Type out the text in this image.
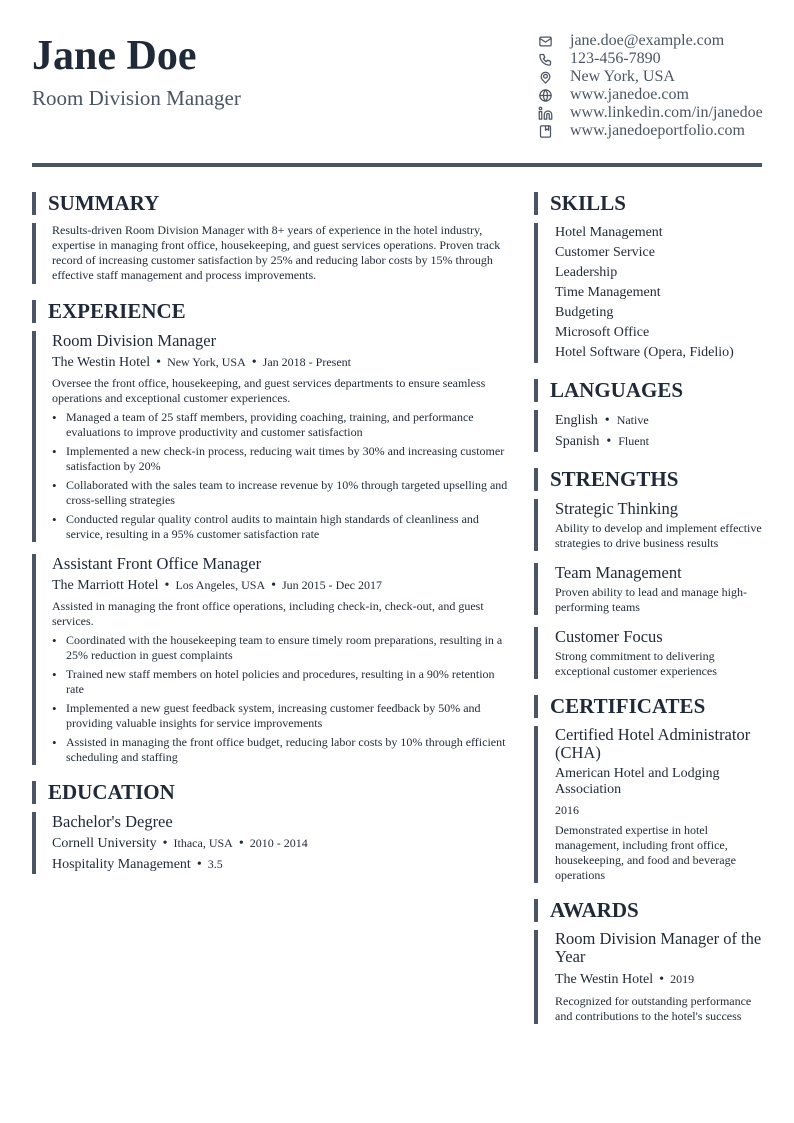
Jane Doe
Room Division Manager
jane.doe@example.com
123-456-7890
New York, USA
www.janedoe.com
www.linkedin.com/in/janedoe
www.janedoeportfolio.com
SUMMARY
Results-driven Room Division Manager with 8+ years of experience in the hotel industry, expertise in managing front office, housekeeping, and guest services operations. Proven track record of increasing customer satisfaction by 25% and reducing labor costs by 15% through effective staff management and process improvements.
EXPERIENCE
Room Division Manager
The Westin Hotel • New York, USA • Jan 2018 - Present
Oversee the front office, housekeeping, and guest services departments to ensure seamless operations and exceptional customer experiences.
• Managed a team of 25 staff members, providing coaching, training, and performance evaluations to improve productivity and customer satisfaction
• Implemented a new check-in process, reducing wait times by 30% and increasing customer satisfaction by 20%
• Collaborated with the sales team to increase revenue by 10% through targeted upselling and cross-selling strategies
• Conducted regular quality control audits to maintain high standards of cleanliness and service, resulting in a 95% customer satisfaction rate
Assistant Front Office Manager
The Marriott Hotel • Los Angeles, USA • Jun 2015 - Dec 2017
Assisted in managing the front office operations, including check-in, check-out, and guest services.
• Coordinated with the housekeeping team to ensure timely room preparations, resulting in a 25% reduction in guest complaints
• Trained new staff members on hotel policies and procedures, resulting in a 90% retention rate
• Implemented a new guest feedback system, increasing customer feedback by 50% and providing valuable insights for service improvements
• Assisted in managing the front office budget, reducing labor costs by 10% through efficient scheduling and staffing
EDUCATION
Bachelor's Degree
Cornell University • Ithaca, USA • 2010 - 2014
Hospitality Management • 3.5
SKILLS
Hotel Management
Customer Service
Leadership
Time Management
Budgeting
Microsoft Office
Hotel Software (Opera, Fidelio)
LANGUAGES
English • Native
Spanish • Fluent
STRENGTHS
Strategic Thinking
Ability to develop and implement effective strategies to drive business results
Team Management
Proven ability to lead and manage high-performing teams
Customer Focus
Strong commitment to delivering exceptional customer experiences
CERTIFICATES
Certified Hotel Administrator (CHA)
American Hotel and Lodging Association
2016
Demonstrated expertise in hotel management, including front office, housekeeping, and food and beverage operations
AWARDS
Room Division Manager of the Year
The Westin Hotel • 2019
Recognized for outstanding performance and contributions to the hotel's success
